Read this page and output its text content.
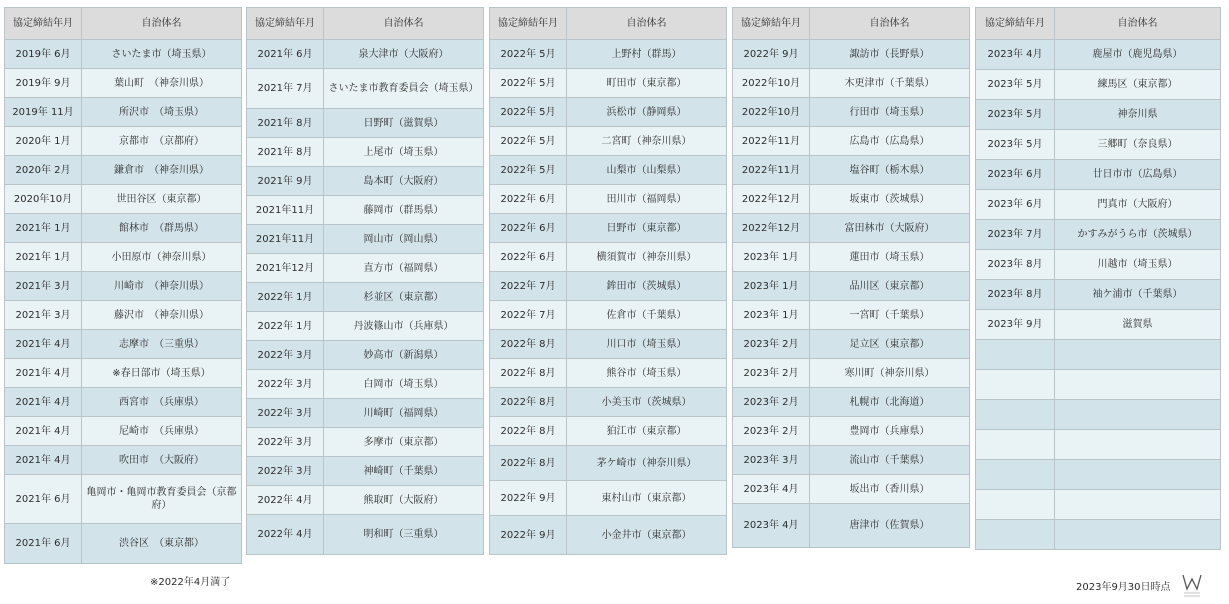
協定締結年月	自治体名
2019年 6月	さいたま市（埼玉県）
2019年 9月	葉山町　（神奈川県）
2019年 11月	所沢市　（埼玉県）
2020年 1月	京都市　（京都府）
2020年 2月	鎌倉市　（神奈川県）
2020年10月	世田谷区（東京都）
2021年 1月	館林市　（群馬県）
2021年 1月	小田原市（神奈川県）
2021年 3月	川崎市　（神奈川県）
2021年 3月	藤沢市　（神奈川県）
2021年 4月	志摩市　（三重県）
2021年 4月	※春日部市（埼玉県）
2021年 4月	西宮市　（兵庫県）
2021年 4月	尼崎市　（兵庫県）
2021年 4月	吹田市　（大阪府）
2021年 6月	亀岡市・亀岡市教育委員会（京都府）
2021年 6月	渋谷区　（東京都）
協定締結年月	自治体名
2021年 6月	泉大津市（大阪府）
2021年 7月	さいたま市教育委員会（埼玉県）
2021年 8月	日野町（滋賀県）
2021年 8月	上尾市（埼玉県）
2021年 9月	島本町（大阪府）
2021年11月	藤岡市（群馬県）
2021年11月	岡山市（岡山県）
2021年12月	直方市（福岡県）
2022年 1月	杉並区（東京都）
2022年 1月	丹波篠山市（兵庫県）
2022年 3月	妙高市（新潟県）
2022年 3月	白岡市（埼玉県）
2022年 3月	川崎町（福岡県）
2022年 3月	多摩市（東京都）
2022年 3月	神崎町（千葉県）
2022年 4月	熊取町（大阪府）
2022年 4月	明和町（三重県）
協定締結年月	自治体名
2022年 5月	上野村（群馬）
2022年 5月	町田市（東京都）
2022年 5月	浜松市（静岡県）
2022年 5月	二宮町（神奈川県）
2022年 5月	山梨市（山梨県）
2022年 6月	田川市（福岡県）
2022年 6月	日野市（東京都）
2022年 6月	横須賀市（神奈川県）
2022年 7月	鉾田市（茨城県）
2022年 7月	佐倉市（千葉県）
2022年 8月	川口市（埼玉県）
2022年 8月	熊谷市（埼玉県）
2022年 8月	小美玉市（茨城県）
2022年 8月	狛江市（東京都）
2022年 8月	茅ケ崎市（神奈川県）
2022年 9月	東村山市（東京都）
2022年 9月	小金井市（東京都）
協定締結年月	自治体名
2022年 9月	諏訪市（長野県）
2022年10月	木更津市（千葉県）
2022年10月	行田市（埼玉県）
2022年11月	広島市（広島県）
2022年11月	塩谷町（栃木県）
2022年12月	坂東市（茨城県）
2022年12月	富田林市（大阪府）
2023年 1月	蓮田市（埼玉県）
2023年 1月	品川区（東京都）
2023年 1月	一宮町（千葉県）
2023年 2月	足立区（東京都）
2023年 2月	寒川町（神奈川県）
2023年 2月	札幌市（北海道）
2023年 2月	豊岡市（兵庫県）
2023年 3月	流山市（千葉県）
2023年 4月	坂出市（香川県）
2023年 4月	唐津市（佐賀県）
協定締結年月	自治体名
2023年 4月	鹿屋市（鹿児島県）
2023年 5月	練馬区（東京都）
2023年 5月	神奈川県
2023年 5月	三郷町（奈良県）
2023年 6月	廿日市市（広島県）
2023年 6月	門真市（大阪府）
2023年 7月	かすみがうら市（茨城県）
2023年 8月	川越市（埼玉県）
2023年 8月	袖ケ浦市（千葉県）
2023年 9月	滋賀県

※2022年4月満了	2023年9月30日時点
